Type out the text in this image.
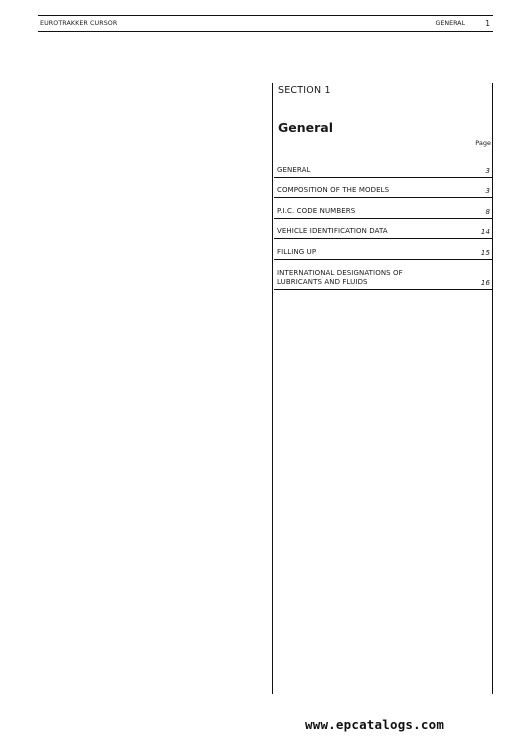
EUROTRAKKER CURSOR	GENERAL	1
SECTION 1
General
Page
GENERAL	3
COMPOSITION OF THE MODELS	3
P.I.C. CODE NUMBERS	8
VEHICLE IDENTIFICATION DATA	14
FILLING UP	15
INTERNATIONAL DESIGNATIONS OF
LUBRICANTS AND FLUIDS	16
www.epcatalogs.com
